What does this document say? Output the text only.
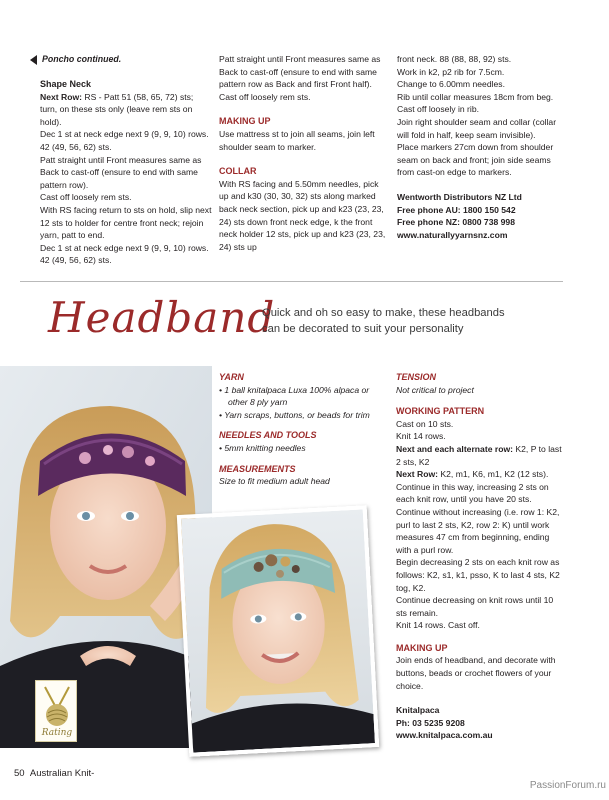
Poncho continued.

Shape Neck

Next Row: RS - Patt 51 (58, 65, 72) sts; turn, on these sts only (leave rem sts on hold).

Dec 1 st at neck edge next 9 (9, 9, 10) rows. 42 (49, 56, 62) sts.

Patt straight until Front measures same as Back to cast-off (ensure to end with same pattern row).

Cast off loosely rem sts.

With RS facing return to sts on hold, slip next 12 sts to holder for centre front neck; rejoin yarn, patt to end.

Dec 1 st at neck edge next 9 (9, 9, 10) rows. 42 (49, 56, 62) sts.

Patt straight until Front measures same as Back to cast-off (ensure to end with same pattern row as Back and first Front half).

Cast off loosely rem sts.

MAKING UP

Use mattress st to join all seams, join left shoulder seam to marker.

COLLAR

With RS facing and 5.50mm needles, pick up and k30 (30, 30, 32) sts along marked back neck section, pick up and k23 (23, 23, 24) sts down front neck edge, k the front neck holder 12 sts, pick up and k23 (23, 23, 24) sts up

front neck. 88 (88, 88, 92) sts.

Work in k2, p2 rib for 7.5cm.

Change to 6.00mm needles.

Rib until collar measures 18cm from beg. Cast off loosely in rib.

Join right shoulder seam and collar (collar will fold in half, keep seam invisible).

Place markers 27cm down from shoulder seam on back and front; join side seams from cast-on edge to markers.

Wentworth Distributors NZ Ltd

Free phone AU: 1800 150 542

Free phone NZ: 0800 738 998

www.naturallyyarnsnz.com

Headband
Quick and oh so easy to make, these headbands
can be decorated to suit your personality
Rating

YARN

• 1 ball knitalpaca Luxa 100% alpaca or other 8 ply yarn

• Yarn scraps, buttons, or beads for trim

NEEDLES AND TOOLS

• 5mm knitting needles

MEASUREMENTS

Size to fit medium adult head

TENSION

Not critical to project

WORKING PATTERN

Cast on 10 sts.

Knit 14 rows.

Next and each alternate row: K2, P to last 2 sts, K2

Next Row: K2, m1, K6, m1, K2 (12 sts).

Continue in this way, increasing 2 sts on each knit row, until you have 20 sts.

Continue without increasing (i.e. row 1: K2, purl to last 2 sts, K2, row 2: K) until work measures 47 cm from beginning, ending with a purl row.

Begin decreasing 2 sts on each knit row as follows: K2, s1, k1, psso, K to last 4 sts, K2 tog, K2.

Continue decreasing on knit rows until 10 sts remain.

Knit 14 rows. Cast off.

MAKING UP

Join ends of headband, and decorate with buttons, beads or crochet flowers of your choice.

Knitalpaca

Ph: 03 5235 9208

www.knitalpaca.com.au

50 Australian Knit-
PassionForum.ru
